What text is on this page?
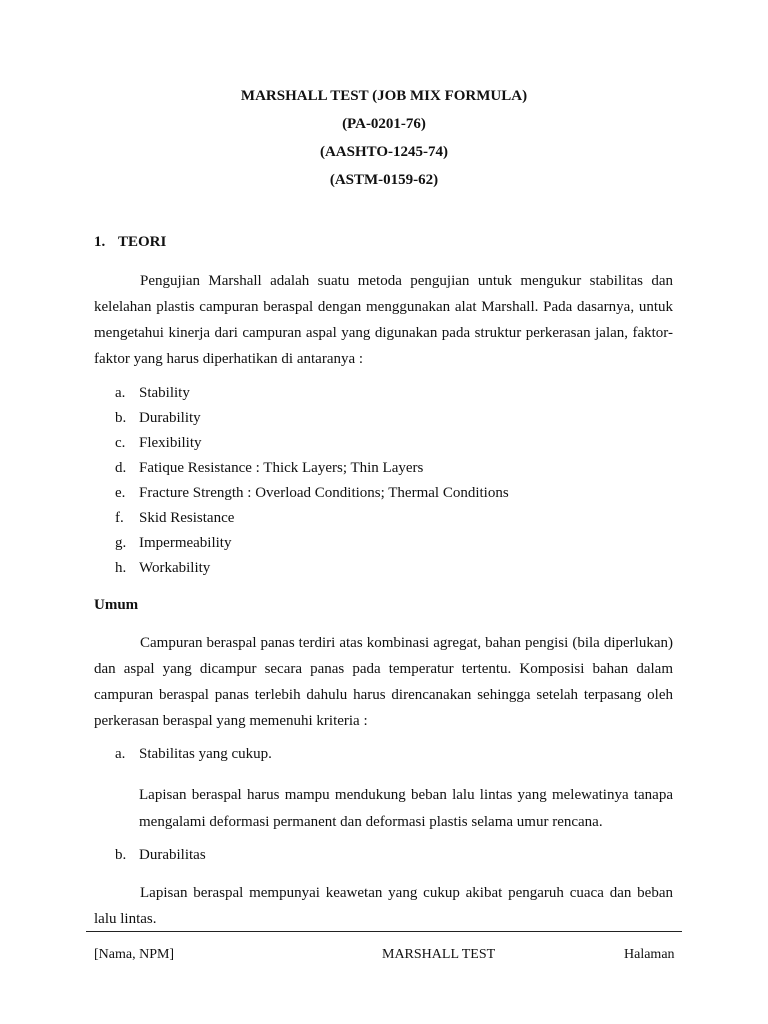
MARSHALL TEST (JOB MIX FORMULA)
(PA-0201-76)
(AASHTO-1245-74)
(ASTM-0159-62)
1. TEORI

Pengujian Marshall adalah suatu metoda pengujian untuk mengukur stabilitas dan kelelahan plastis campuran beraspal dengan menggunakan alat Marshall. Pada dasarnya, untuk mengetahui kinerja dari campuran aspal yang digunakan pada struktur perkerasan jalan, faktor-faktor yang harus diperhatikan di antaranya :

a. Stability
b. Durability
c. Flexibility
d. Fatique Resistance : Thick Layers; Thin Layers
e. Fracture Strength : Overload Conditions; Thermal Conditions
f. Skid Resistance
g. Impermeability
h. Workability
Umum

Campuran beraspal panas terdiri atas kombinasi agregat, bahan pengisi (bila diperlukan) dan aspal yang dicampur secara panas pada temperatur tertentu. Komposisi bahan dalam campuran beraspal panas terlebih dahulu harus direncanakan sehingga setelah terpasang oleh perkerasan beraspal yang memenuhi kriteria :

a. Stabilitas yang cukup.

Lapisan beraspal harus mampu mendukung beban lalu lintas yang melewatinya tanapa mengalami deformasi permanent dan deformasi plastis selama umur rencana.

b. Durabilitas

Lapisan beraspal mempunyai keawetan yang cukup akibat pengaruh cuaca dan beban lalu lintas.

[Nama, NPM]	MARSHALL TEST	Halaman
